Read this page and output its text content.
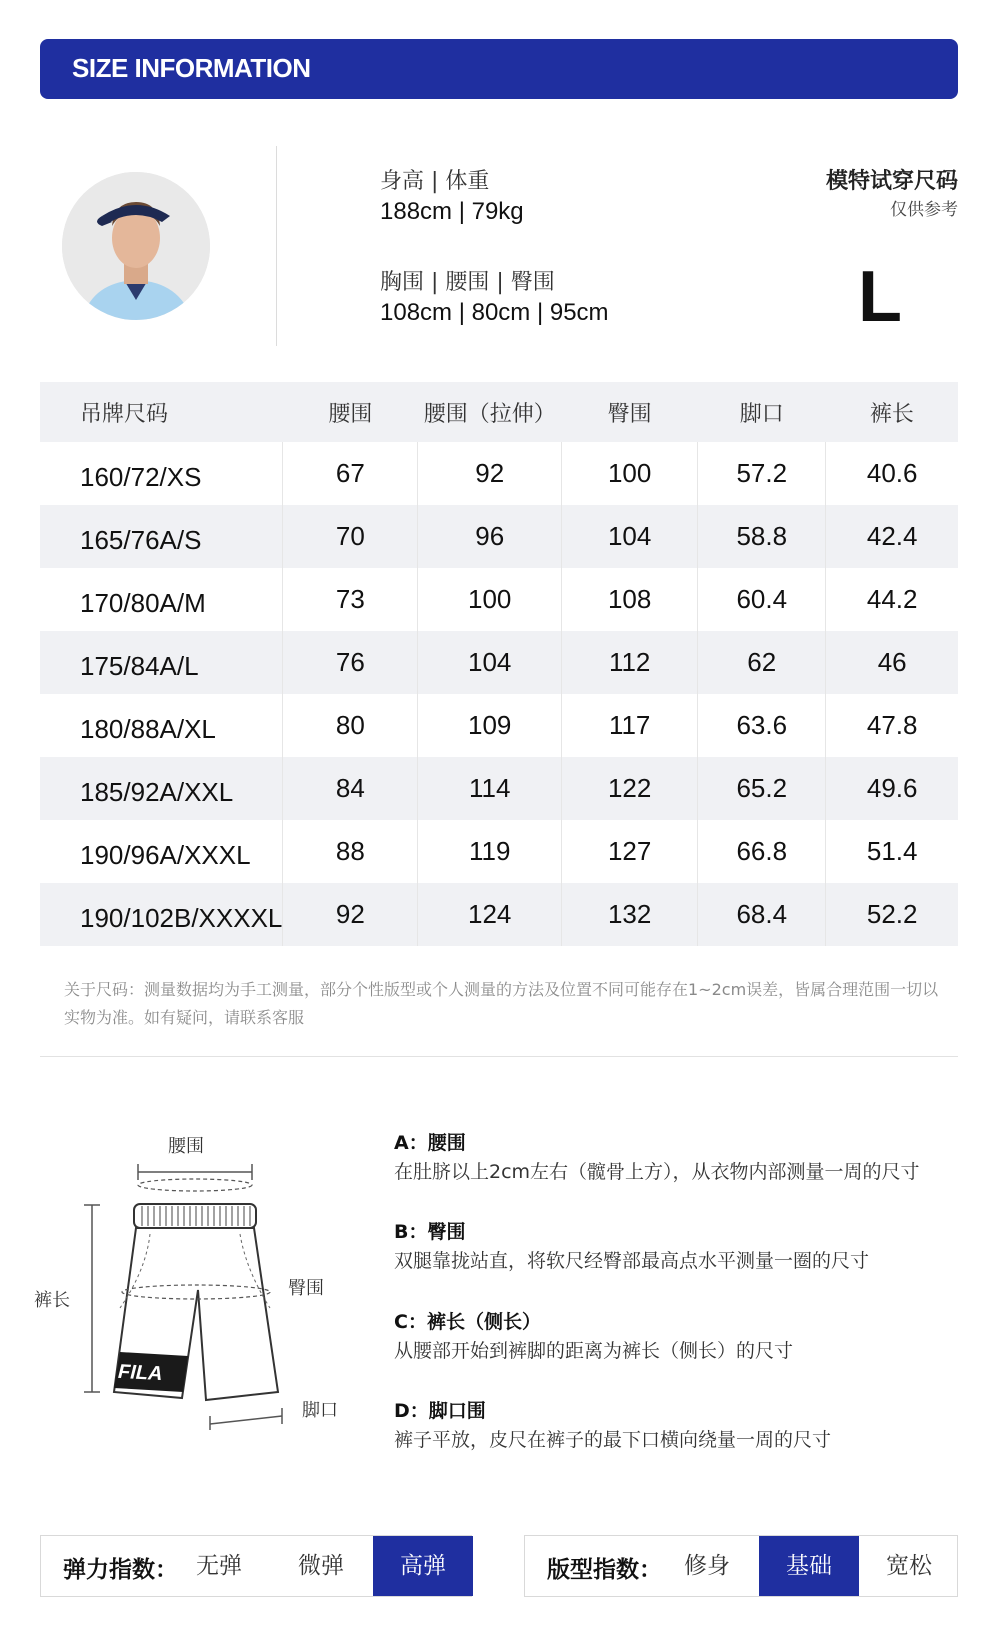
SIZE INFORMATION
身高 | 体重
188cm | 79kg
胸围 | 腰围 | 臀围
108cm | 80cm | 95cm
模特试穿尺码
仅供参考
L
吊牌尺码	腰围	腰围（拉伸）	臀围	脚口	裤长
160/72/XS	67	92	100	57.2	40.6
165/76A/S	70	96	104	58.8	42.4
170/80A/M	73	100	108	60.4	44.2
175/84A/L	76	104	112	62	46
180/88A/XL	80	109	117	63.6	47.8
185/92A/XXL	84	114	122	65.2	49.6
190/96A/XXXL	88	119	127	66.8	51.4
190/102B/XXXXL	92	124	132	68.4	52.2
关于尺码：测量数据均为手工测量，部分个性版型或个人测量的方法及位置不同可能存在1~2cm误差，皆属合理范围一切以实物为准。如有疑问，请联系客服
腰围
裤长
臀围
脚口
FILA
A：腰围
在肚脐以上2cm左右（髋骨上方），从衣物内部测量一周的尺寸
B：臀围
双腿靠拢站直，将软尺经臀部最高点水平测量一圈的尺寸
C：裤长（侧长）
从腰部开始到裤脚的距离为裤长（侧长）的尺寸
D：脚口围
裤子平放，皮尺在裤子的最下口横向绕量一周的尺寸
弹力指数： 无弹	微弹	高弹	版型指数： 修身	基础	宽松
